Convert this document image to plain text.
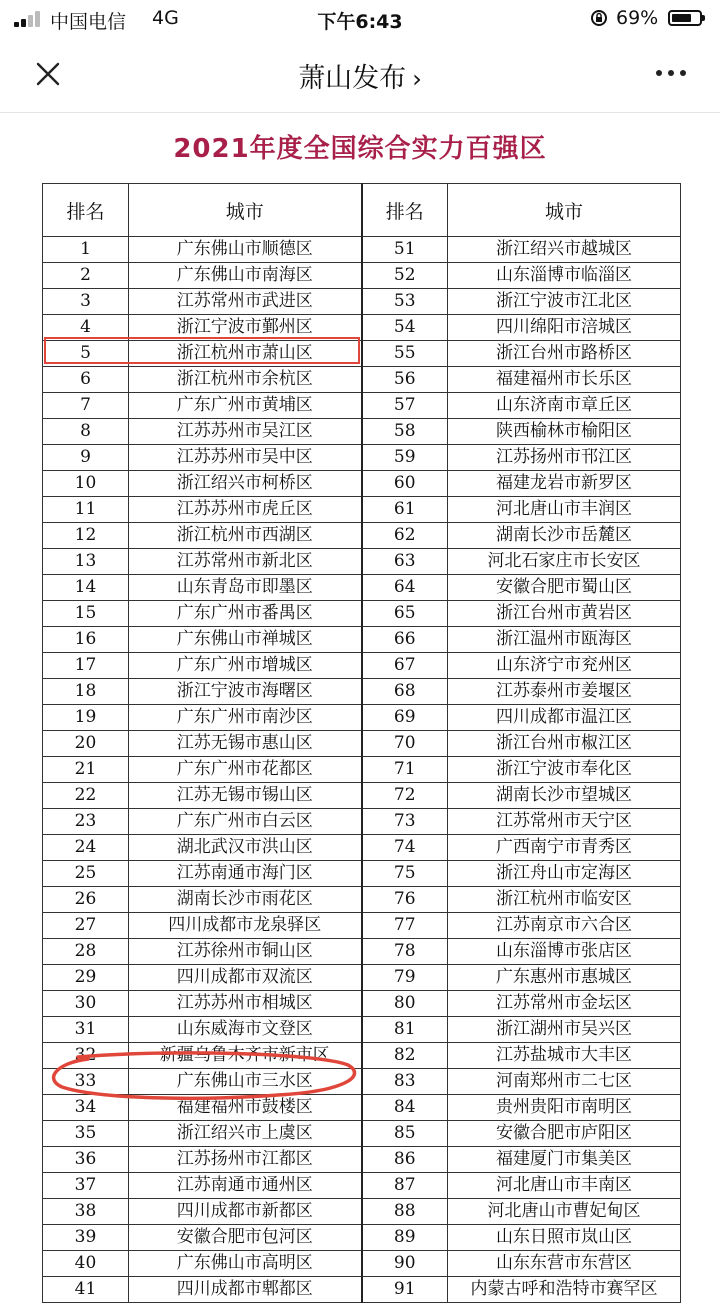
中国电信 4G	下午6:43	69%
萧山发布 ›
2021年度全国综合实力百强区
排名	城市	排名	城市
1	广东佛山市顺德区	51	浙江绍兴市越城区
2	广东佛山市南海区	52	山东淄博市临淄区
3	江苏常州市武进区	53	浙江宁波市江北区
4	浙江宁波市鄞州区	54	四川绵阳市涪城区
5	浙江杭州市萧山区	55	浙江台州市路桥区
6	浙江杭州市余杭区	56	福建福州市长乐区
7	广东广州市黄埔区	57	山东济南市章丘区
8	江苏苏州市吴江区	58	陕西榆林市榆阳区
9	江苏苏州市吴中区	59	江苏扬州市邗江区
10	浙江绍兴市柯桥区	60	福建龙岩市新罗区
11	江苏苏州市虎丘区	61	河北唐山市丰润区
12	浙江杭州市西湖区	62	湖南长沙市岳麓区
13	江苏常州市新北区	63	河北石家庄市长安区
14	山东青岛市即墨区	64	安徽合肥市蜀山区
15	广东广州市番禺区	65	浙江台州市黄岩区
16	广东佛山市禅城区	66	浙江温州市瓯海区
17	广东广州市增城区	67	山东济宁市兖州区
18	浙江宁波市海曙区	68	江苏泰州市姜堰区
19	广东广州市南沙区	69	四川成都市温江区
20	江苏无锡市惠山区	70	浙江台州市椒江区
21	广东广州市花都区	71	浙江宁波市奉化区
22	江苏无锡市锡山区	72	湖南长沙市望城区
23	广东广州市白云区	73	江苏常州市天宁区
24	湖北武汉市洪山区	74	广西南宁市青秀区
25	江苏南通市海门区	75	浙江舟山市定海区
26	湖南长沙市雨花区	76	浙江杭州市临安区
27	四川成都市龙泉驿区	77	江苏南京市六合区
28	江苏徐州市铜山区	78	山东淄博市张店区
29	四川成都市双流区	79	广东惠州市惠城区
30	江苏苏州市相城区	80	江苏常州市金坛区
31	山东威海市文登区	81	浙江湖州市吴兴区
32	新疆乌鲁木齐市新市区	82	江苏盐城市大丰区
33	广东佛山市三水区	83	河南郑州市二七区
34	福建福州市鼓楼区	84	贵州贵阳市南明区
35	浙江绍兴市上虞区	85	安徽合肥市庐阳区
36	江苏扬州市江都区	86	福建厦门市集美区
37	江苏南通市通州区	87	河北唐山市丰南区
38	四川成都市新都区	88	河北唐山市曹妃甸区
39	安徽合肥市包河区	89	山东日照市岚山区
40	广东佛山市高明区	90	山东东营市东营区
41	四川成都市郫都区	91	内蒙古呼和浩特市赛罕区
